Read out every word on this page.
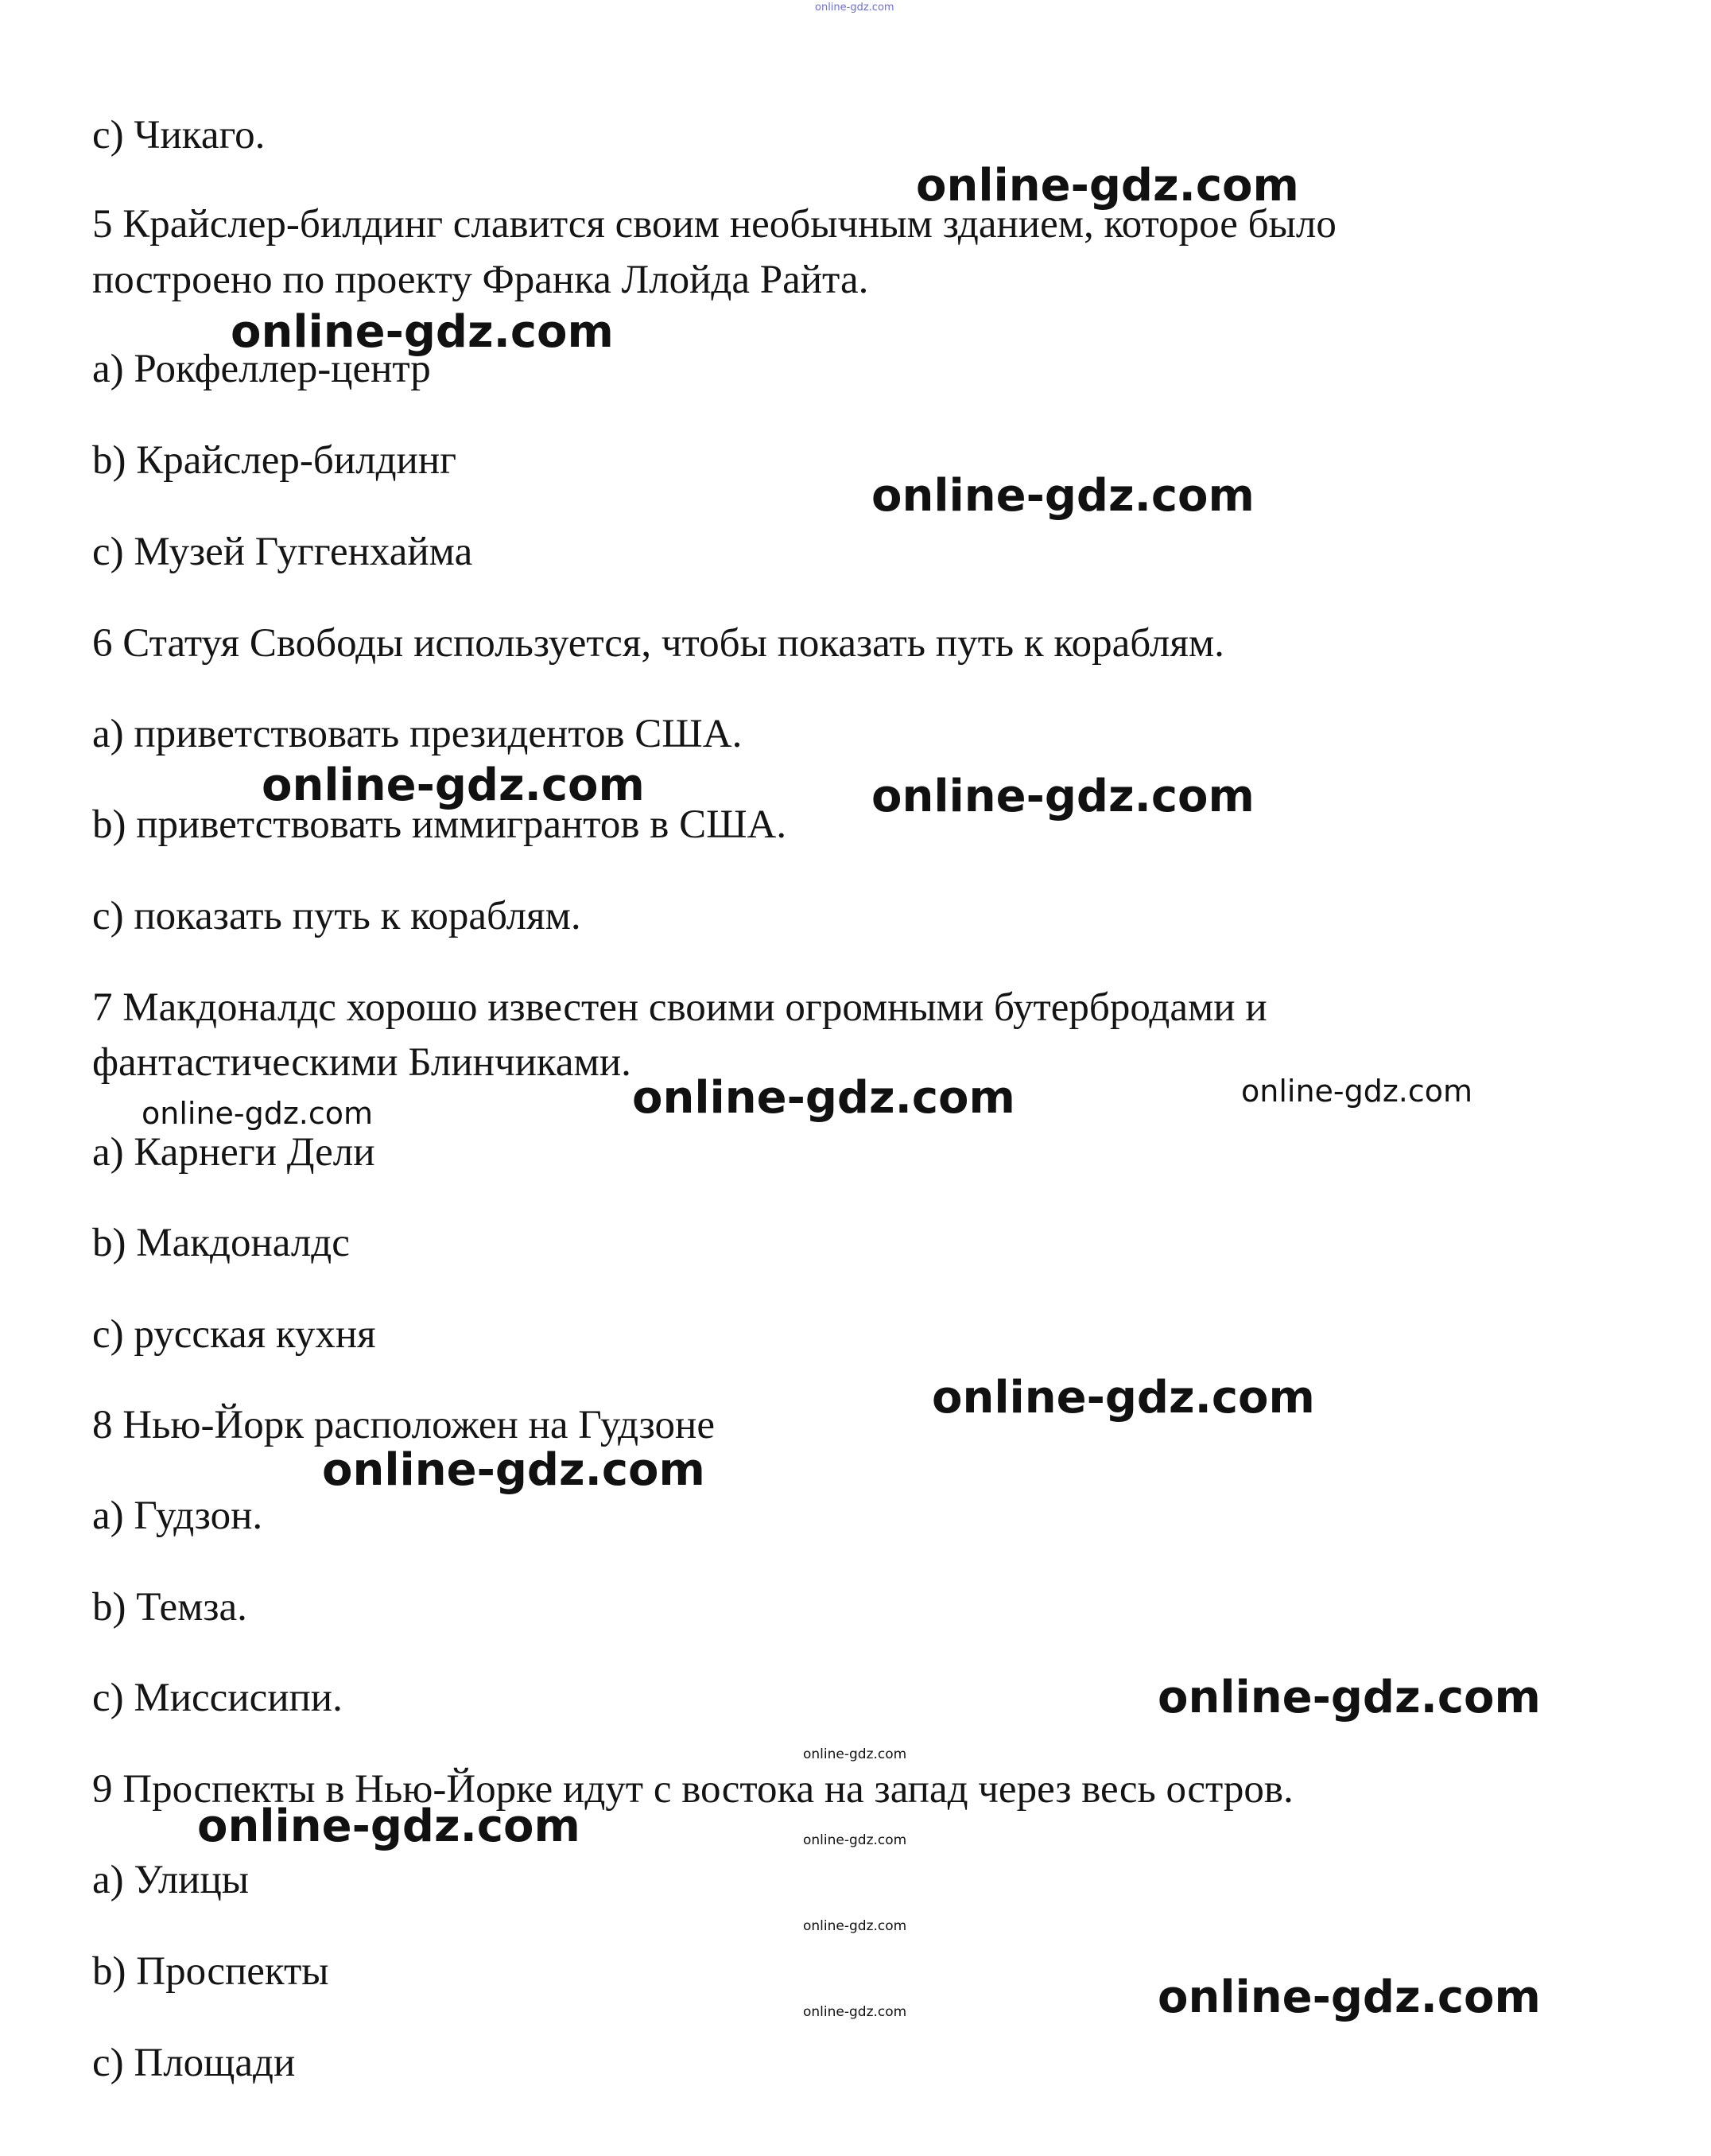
online-gdz.com

c) Чикаго.

5 Крайслер-билдинг славится своим необычным зданием, которое было

построено по проекту Франка Ллойда Райта.

a) Рокфеллер-центр

b) Крайслер-билдинг

c) Музей Гуггенхайма

6 Статуя Свободы используется, чтобы показать путь к кораблям.

a) приветствовать президентов США.

b) приветствовать иммигрантов в США.

c) показать путь к кораблям.

7 Макдоналдс хорошо известен своими огромными бутербродами и

фантастическими Блинчиками.

a) Карнеги Дели

b) Макдоналдс

c) русская кухня

8 Нью-Йорк расположен на Гудзоне

a) Гудзон.

b) Темза.

c) Миссисипи.

9 Проспекты в Нью-Йорке идут с востока на запад через весь остров.

a) Улицы

b) Проспекты

c) Площади

online-gdz.com
online-gdz.com
online-gdz.com
online-gdz.com	online-gdz.com
online-gdz.com
online-gdz.com
online-gdz.com
online-gdz.com
online-gdz.com
online-gdz.com
online-gdz.com
online-gdz.com	online-gdz.com
online-gdz.com
online-gdz.com
online-gdz.com
